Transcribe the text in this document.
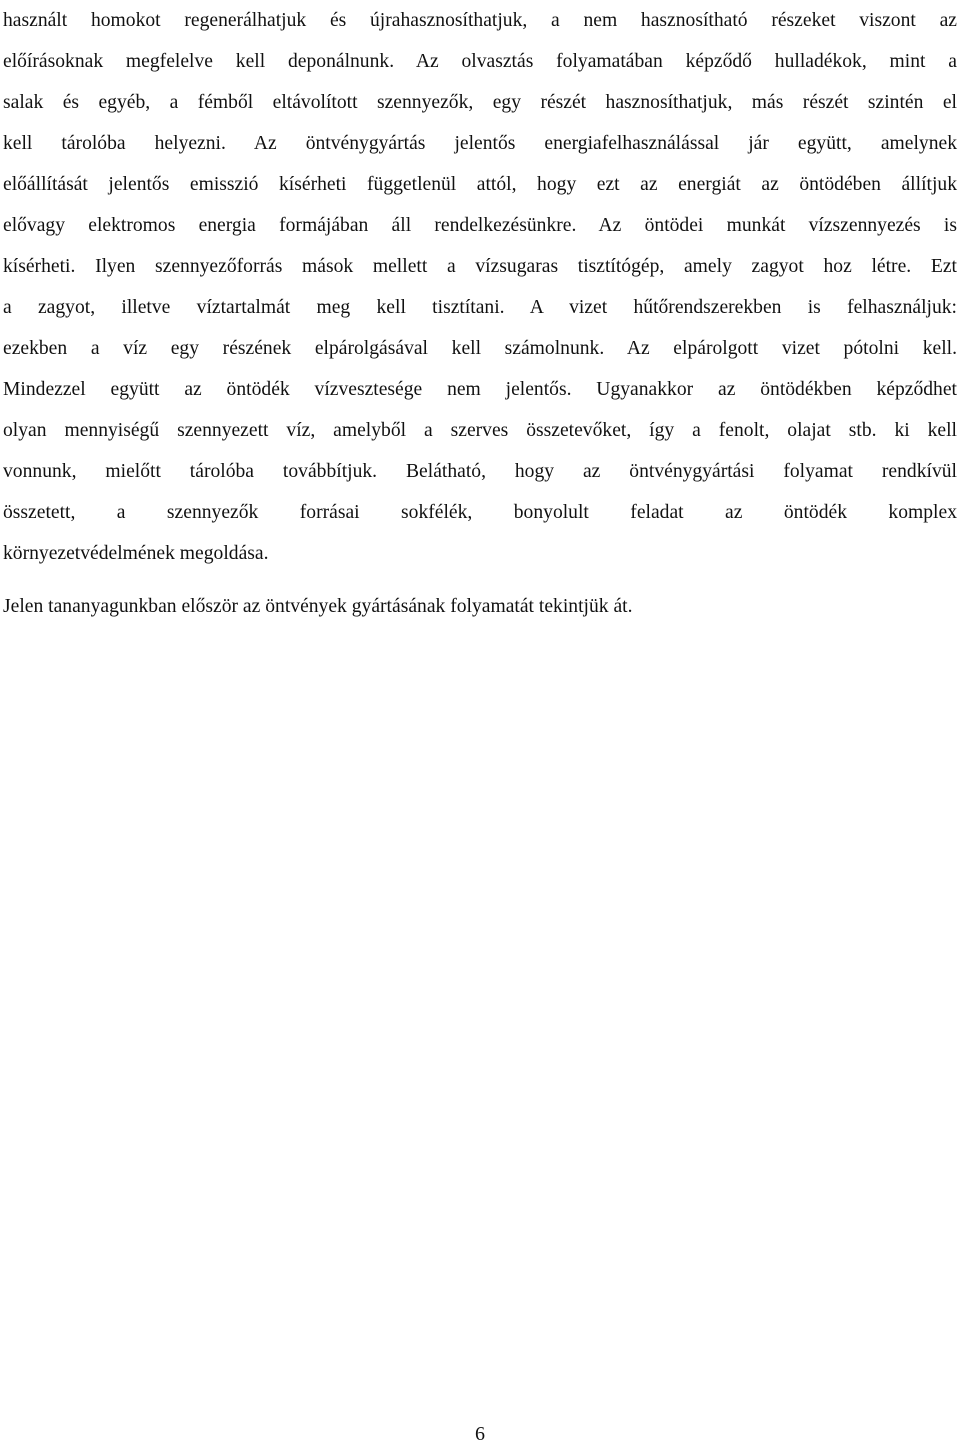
használt homokot regenerálhatjuk és újrahasznosíthatjuk, a nem hasznosítható részeket viszont az
előírásoknak megfelelve kell deponálnunk. Az olvasztás folyamatában képződő hulladékok, mint a
salak és egyéb, a fémből eltávolított szennyezők, egy részét hasznosíthatjuk, más részét szintén el
kell tárolóba helyezni. Az öntvénygyártás jelentős energiafelhasználással jár együtt, amelynek
előállítását jelentős emisszió kísérheti függetlenül attól, hogy ezt az energiát az öntödében állítjuk
elővagy elektromos energia formájában áll rendelkezésünkre. Az öntödei munkát vízszennyezés is
kísérheti. Ilyen szennyezőforrás mások mellett a vízsugaras tisztítógép, amely zagyot hoz létre. Ezt
a zagyot, illetve víztartalmát meg kell tisztítani. A vizet hűtőrendszerekben is felhasználjuk:
ezekben a víz egy részének elpárolgásával kell számolnunk. Az elpárolgott vizet pótolni kell.
Mindezzel együtt az öntödék vízvesztesége nem jelentős. Ugyanakkor az öntödékben képződhet
olyan mennyiségű szennyezett víz, amelyből a szerves összetevőket, így a fenolt, olajat stb. ki kell
vonnunk, mielőtt tárolóba továbbítjuk. Belátható, hogy az öntvénygyártási folyamat rendkívül
összetett, a szennyezők forrásai sokfélék, bonyolult feladat az öntödék komplex
környezetvédelmének megoldása.

Jelen tananyagunkban először az öntvények gyártásának folyamatát tekintjük át.

6
